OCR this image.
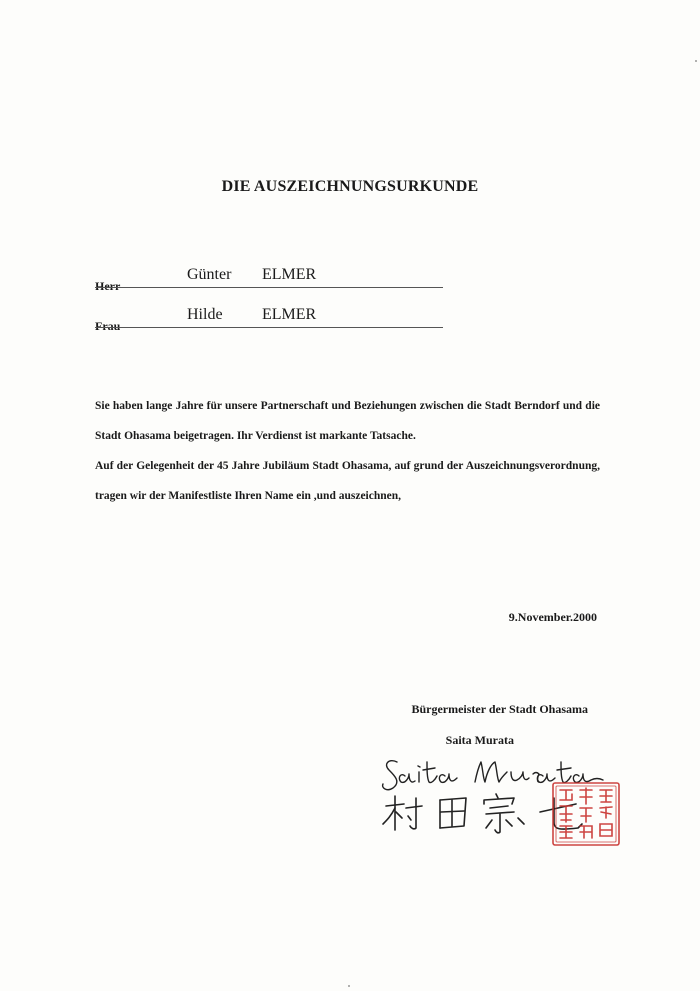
DIE AUSZEICHNUNGSURKUNDE
Herr
Günter ELMER
Frau
Hilde ELMER

Sie haben lange Jahre für unsere Partnerschaft und Beziehungen zwischen die Stadt Berndorf und die Stadt Ohasama beigetragen. Ihr Verdienst ist markante Tatsache.

Auf der Gelegenheit der 45 Jahre Jubiläum Stadt Ohasama, auf grund der Auszeichnungsverordnung, tragen wir der Manifestliste Ihren Name ein ,und auszeichnen,

9.November.2000
Bürgermeister der Stadt Ohasama
Saita Murata
